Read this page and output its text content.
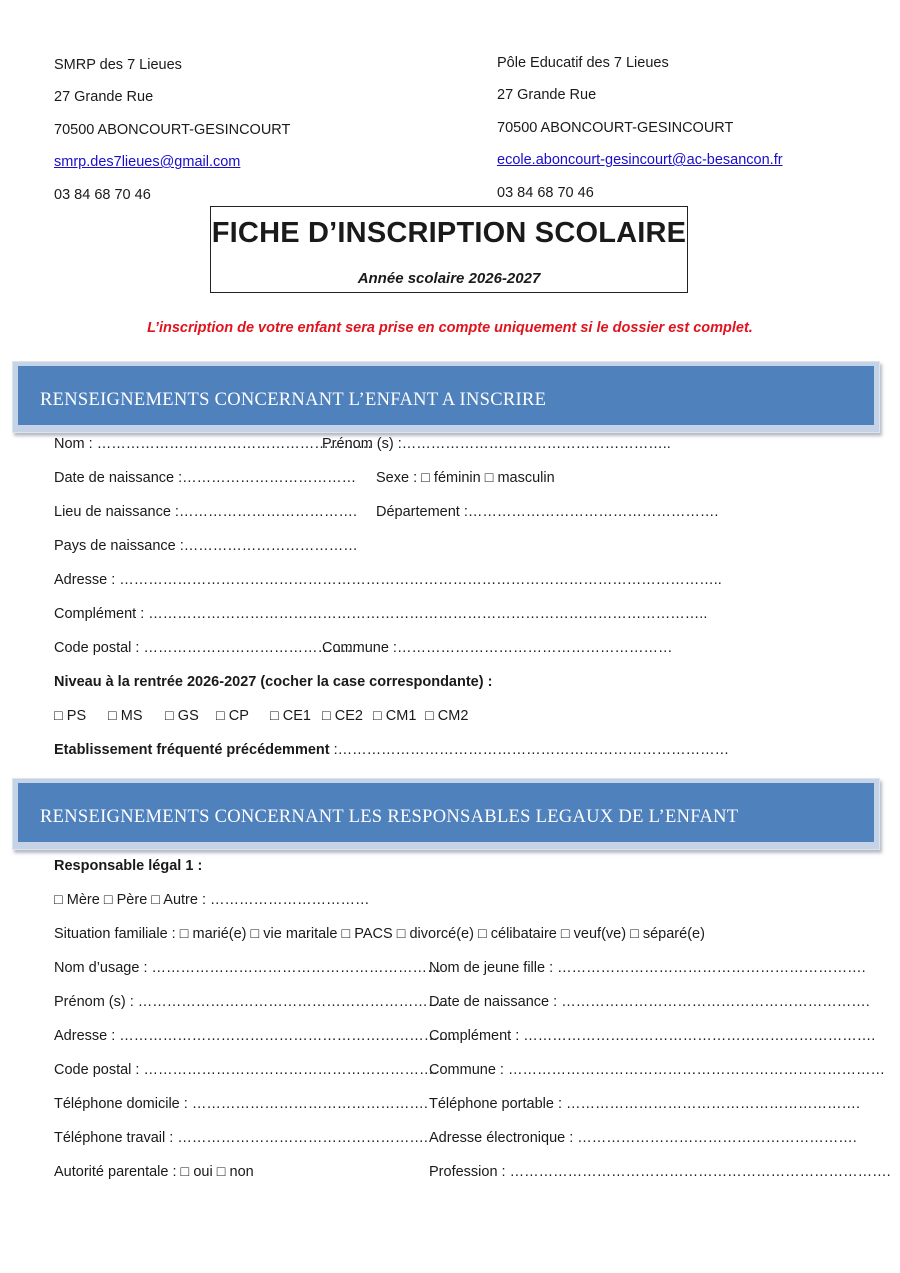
SMRP des 7 Lieues
27 Grande Rue
70500 ABONCOURT-GESINCOURT
smrp.des7lieues@gmail.com
03 84 68 70 46
Pôle Educatif des 7 Lieues
27 Grande Rue
70500 ABONCOURT-GESINCOURT
ecole.aboncourt-gesincourt@ac-besancon.fr
03 84 68 70 46
FICHE D’INSCRIPTION SCOLAIRE
Année scolaire 2026-2027
L’inscription de votre enfant sera prise en compte uniquement si le dossier est complet.
RENSEIGNEMENTS CONCERNANT L’ENFANT A INSCRIRE
Nom : …………………………………………………
Prénom (s) :………………………………………………..
Date de naissance :……………………………… Sexe : □ féminin □ masculin
Lieu de naissance :………………………………. Département :…………………………………………….
Pays de naissance :………………………………
Adresse : ……………………………………………………………………………………………………………..
Complément : ……………………………………………………………………………………………………..
Code postal : ………………………………………
Commune :…………………………………………………
Niveau à la rentrée 2026-2027 (cocher la case correspondante) :
□ PS □ MS □ GS □ CP □ CE1 □ CE2 □ CM1 □ CM2
Etablissement fréquenté précédemment :………………………………………………………………………
RENSEIGNEMENTS CONCERNANT LES RESPONSABLES LEGAUX DE L’ENFANT
Responsable légal 1 :
□ Mère □ Père □ Autre : ……………………………
Situation familiale : □ marié(e) □ vie maritale □ PACS □ divorcé(e) □ célibataire □ veuf(ve) □ séparé(e)
Nom d’usage : ……………………………………………………
Nom de jeune fille : ……………………………………………………….
Prénom (s) : ……………………………………………………….
Date de naissance : ……………………………………………………….
Adresse : …………………………………………………………….
Complément : ……………………………………………………………….
Code postal : …………………………………………………….
Commune : ……………………………………………………………………
Téléphone domicile : …………………………………………. Téléphone portable : …………………………………………………….
Téléphone travail : ……………………………………………. Adresse électronique : ………………………………………………….
Autorité parentale : □ oui □ non	Profession : …………………………………………………………………….
